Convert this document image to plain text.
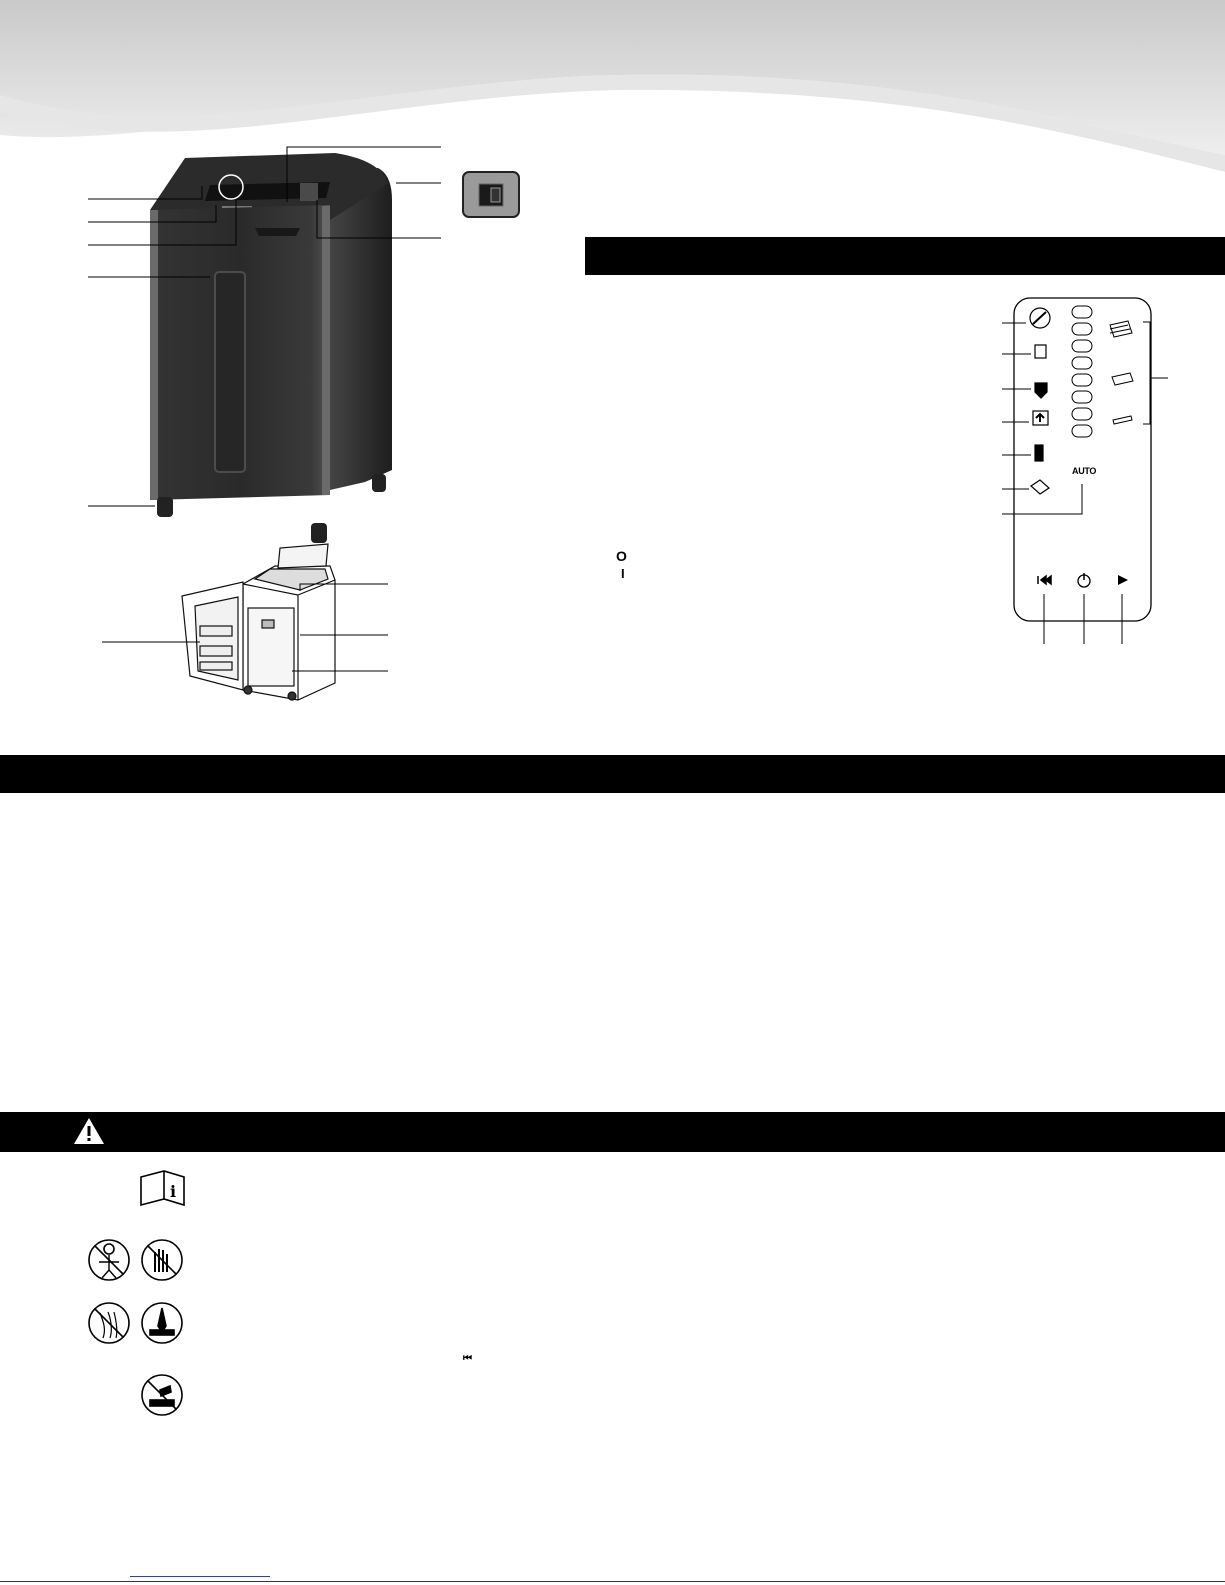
i
AUTO
O
I
⏮
